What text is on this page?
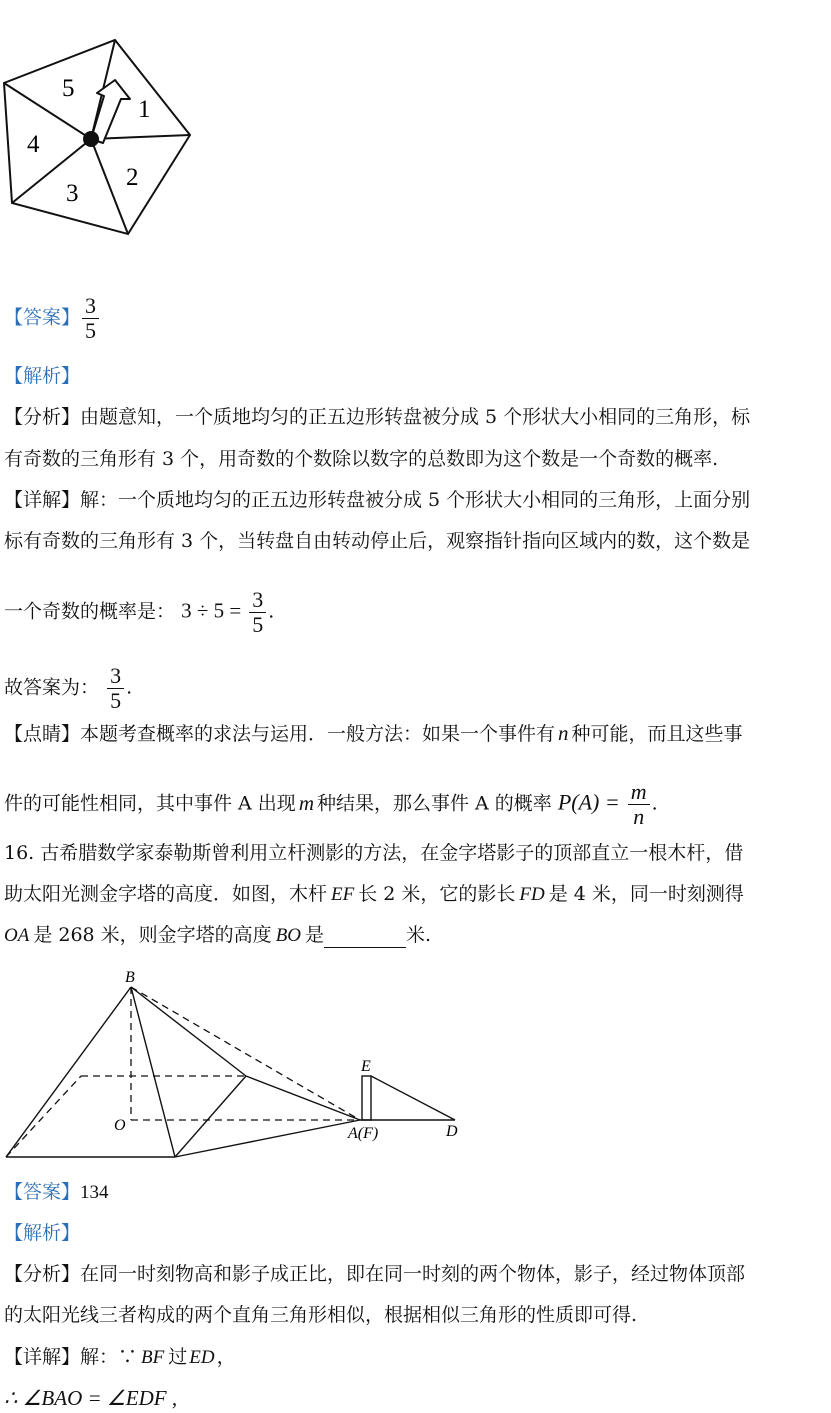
5
1
4
2
3
【答案】 $\frac{3}{5}$
【解析】
【分析】由题意知，一个质地均匀的正五边形转盘被分成 5 个形状大小相同的三角形，标
有奇数的三角形有 3 个，用奇数的个数除以数字的总数即为这个数是一个奇数的概率.
【详解】解：一个质地均匀的正五边形转盘被分成 5 个形状大小相同的三角形，上面分别
标有奇数的三角形有 3 个，当转盘自由转动停止后，观察指针指向区域内的数，这个数是
一个奇数的概率是： $3 \div 5 = \frac{3}{5}$ .
故答案为： $\frac{3}{5}$ .
【点睛】本题考查概率的求法与运用．一般方法：如果一个事件有 n 种可能，而且这些事
件的可能性相同，其中事件 A 出现 m 种结果，那么事件 A 的概率 $P(A) = \frac{m}{n}$ .
16. 古希腊数学家泰勒斯曾利用立杆测影的方法，在金字塔影子的顶部直立一根木杆，借
助太阳光测金字塔的高度．如图，木杆 EF 长 2 米，它的影长 FD 是 4 米，同一时刻测得
OA 是 268 米，则金字塔的高度 BO 是	米.
B
E
O	A(F)	D
【答案】134
【解析】
【分析】在同一时刻物高和影子成正比，即在同一时刻的两个物体，影子，经过物体顶部
的太阳光线三者构成的两个直角三角形相似，根据相似三角形的性质即可得.
【详解】解：∵ BF 过 ED ，
∴ ∠BAO = ∠EDF ,
